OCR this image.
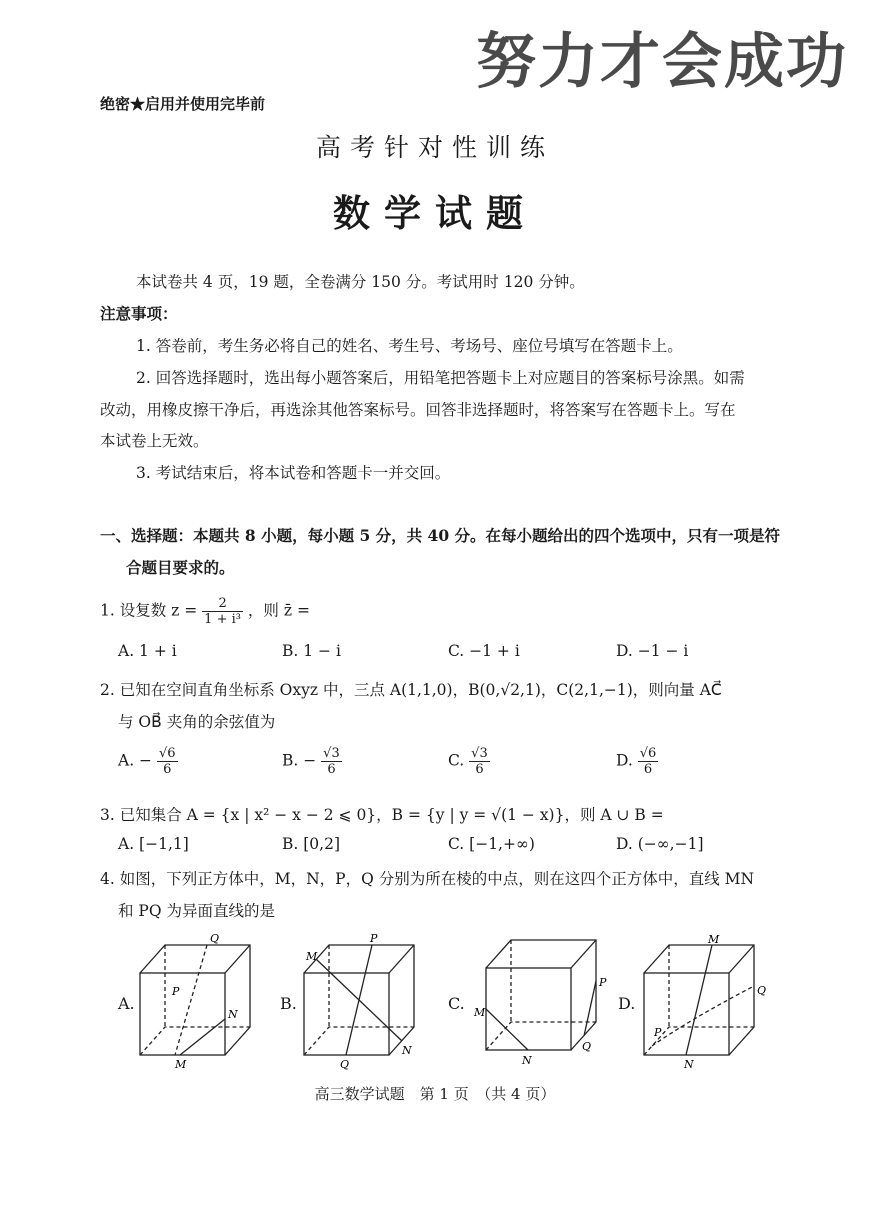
努力才会成功
绝密★启用并使用完毕前
高考针对性训练
数学试题
本试卷共 4 页，19 题，全卷满分 150 分。考试用时 120 分钟。
注意事项：
1. 答卷前，考生务必将自己的姓名、考生号、考场号、座位号填写在答题卡上。
2. 回答选择题时，选出每小题答案后，用铅笔把答题卡上对应题目的答案标号涂黑。如需
改动，用橡皮擦干净后，再选涂其他答案标号。回答非选择题时，将答案写在答题卡上。写在
本试卷上无效。
3. 考试结束后，将本试卷和答题卡一并交回。
一、选择题：本题共 8 小题，每小题 5 分，共 40 分。在每小题给出的四个选项中，只有一项是符
合题目要求的。
1. 设复数 $z = \frac{2}{\text{1 + i³}}$ ，则 z̄ =
A. 1 + i	B. 1 − i	C. −1 + i	D. −1 − i
2. 已知在空间直角坐标系 Oxyz 中，三点 A(1,1,0)，B(0,√2,1)，C(2,1,−1)，则向量 AC⃗
与 OB⃗ 夹角的余弦值为
A. − $\frac{√6}{6}$	B. − $\frac{√3}{6}$	C. $\frac{√3}{6}$	D. $\frac{√6}{6}$
3. 已知集合 A = {x | x² − x − 2 ⩽ 0}，B = {y | y = √(1 − x)}，则 A ∪ B =
A. [−1,1]	B. [0,2]	C. [−1,+∞)	D. (−∞,−1]
4. 如图，下列正方体中，M，N，P，Q 分别为所在棱的中点，则在这四个正方体中，直线 MN
和 PQ 为异面直线的是
A.	B.	C.	D.
Q
P
N
M
M
P
N
Q
M
N
P
Q
M
Q
P
N
高三数学试题　第 1 页　（共 4 页）
